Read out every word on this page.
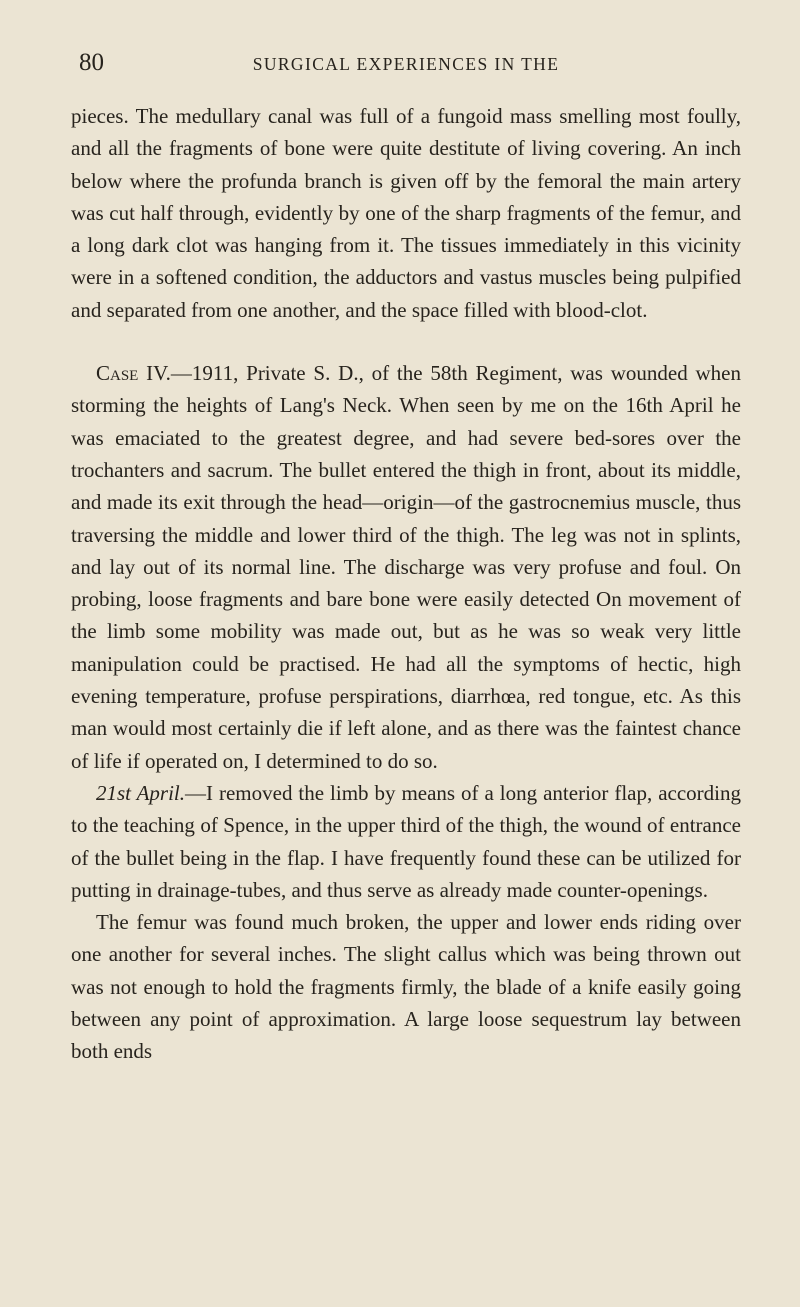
80	SURGICAL EXPERIENCES IN THE

pieces. The medullary canal was full of a fungoid mass smelling most foully, and all the fragments of bone were quite destitute of living covering. An inch below where the profunda branch is given off by the femoral the main artery was cut half through, evidently by one of the sharp fragments of the femur, and a long dark clot was hanging from it. The tissues immediately in this vicinity were in a softened condition, the adductors and vastus muscles being pulpified and separated from one another, and the space filled with blood-clot.

Case IV.—1911, Private S. D., of the 58th Regiment, was wounded when storming the heights of Lang's Neck. When seen by me on the 16th April he was emaciated to the greatest degree, and had severe bed-sores over the trochanters and sacrum. The bullet entered the thigh in front, about its middle, and made its exit through the head—origin—of the gastrocnemius muscle, thus traversing the middle and lower third of the thigh. The leg was not in splints, and lay out of its normal line. The discharge was very profuse and foul. On probing, loose fragments and bare bone were easily detected On movement of the limb some mobility was made out, but as he was so weak very little manipulation could be practised. He had all the symptoms of hectic, high evening temperature, profuse perspirations, diarrhœa, red tongue, etc. As this man would most certainly die if left alone, and as there was the faintest chance of life if operated on, I determined to do so.

21st April.—I removed the limb by means of a long anterior flap, according to the teaching of Spence, in the upper third of the thigh, the wound of entrance of the bullet being in the flap. I have frequently found these can be utilized for putting in drainage-tubes, and thus serve as already made counter-openings.

The femur was found much broken, the upper and lower ends riding over one another for several inches. The slight callus which was being thrown out was not enough to hold the fragments firmly, the blade of a knife easily going between any point of approximation. A large loose sequestrum lay between both ends
